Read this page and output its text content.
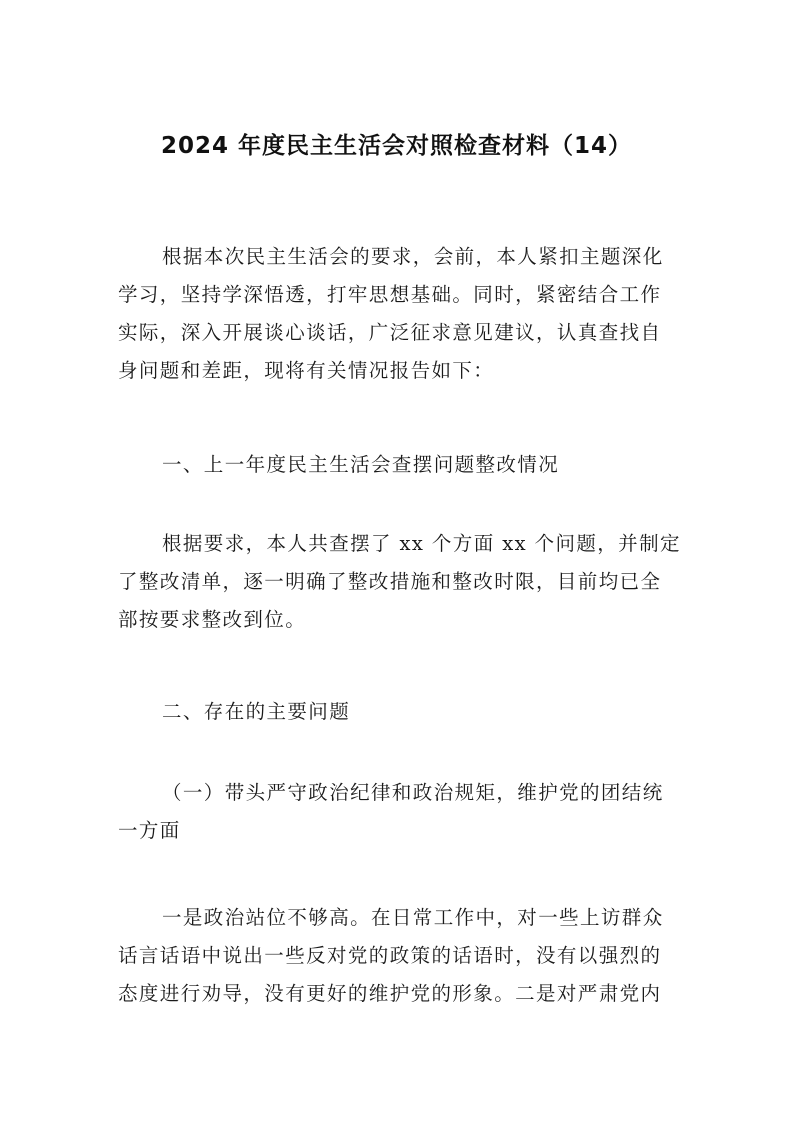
2024 年度民主生活会对照检查材料（14）

根据本次民主生活会的要求，会前，本人紧扣主题深化
学习，坚持学深悟透，打牢思想基础。同时，紧密结合工作
实际，深入开展谈心谈话，广泛征求意见建议，认真查找自
身问题和差距，现将有关情况报告如下：

一、上一年度民主生活会查摆问题整改情况

根据要求，本人共查摆了 xx 个方面 xx 个问题，并制定
了整改清单，逐一明确了整改措施和整改时限，目前均已全
部按要求整改到位。

二、存在的主要问题

（一）带头严守政治纪律和政治规矩，维护党的团结统
一方面

一是政治站位不够高。在日常工作中，对一些上访群众
话言话语中说出一些反对党的政策的话语时，没有以强烈的
态度进行劝导，没有更好的维护党的形象。二是对严肃党内
